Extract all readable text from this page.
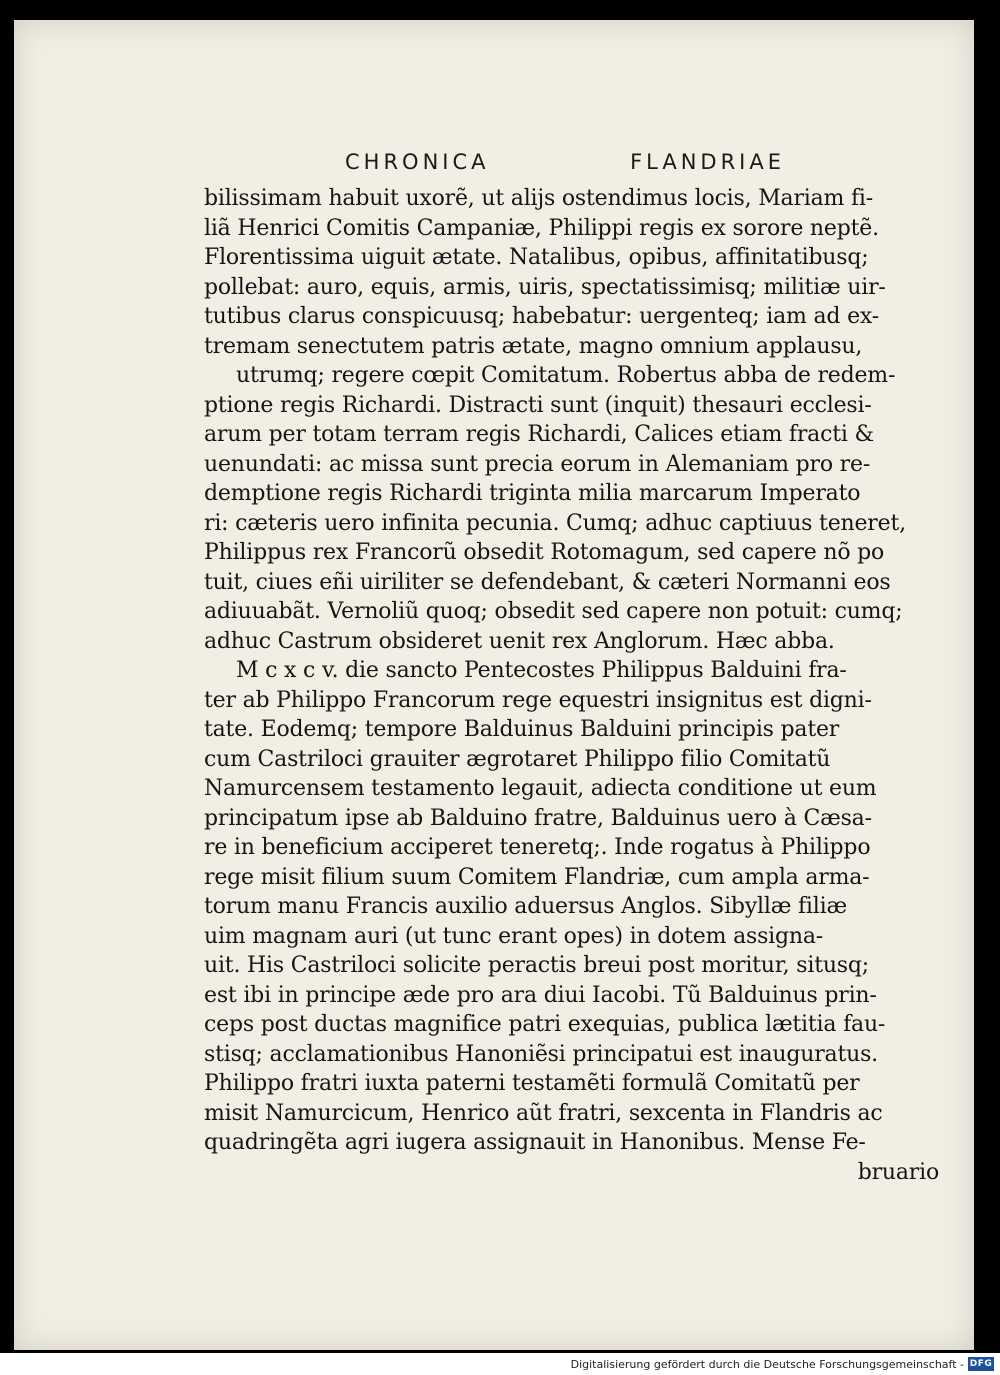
CHRONICA	FLANDRIAE
bilissimam habuit uxorẽ, ut alijs ostendimus locis, Mariam fi-
liã Henrici Comitis Campaniæ, Philippi regis ex sorore neptẽ.
Florentissima uiguit ætate. Natalibus, opibus, affinitatibusq;
pollebat: auro, equis, armis, uiris, spectatissimisq; militiæ uir-
tutibus clarus conspicuusq; habebatur: uergenteq; iam ad ex-
tremam senectutem patris ætate, magno omnium applausu,
utrumq; regere cœpit Comitatum. Robertus abba de redem-
ptione regis Richardi. Distracti sunt (inquit) thesauri ecclesi-
arum per totam terram regis Richardi, Calices etiam fracti &
uenundati: ac missa sunt precia eorum in Alemaniam pro re-
demptione regis Richardi triginta milia marcarum Imperato
ri: cæteris uero infinita pecunia. Cumq; adhuc captiuus teneret,
Philippus rex Francorũ obsedit Rotomagum, sed capere nõ po
tuit, ciues eñi uiriliter se defendebant, & cæteri Normanni eos
adiuuabãt. Vernoliũ quoq; obsedit sed capere non potuit: cumq;
adhuc Castrum obsideret uenit rex Anglorum. Hæc abba.
M c x c v. die sancto Pentecostes Philippus Balduini fra-
ter ab Philippo Francorum rege equestri insignitus est digni-
tate. Eodemq; tempore Balduinus Balduini principis pater
cum Castriloci grauiter ægrotaret Philippo filio Comitatũ
Namurcensem testamento legauit, adiecta conditione ut eum
principatum ipse ab Balduino fratre, Balduinus uero à Cæsa-
re in beneficium acciperet teneretq;. Inde rogatus à Philippo
rege misit filium suum Comitem Flandriæ, cum ampla arma-
torum manu Francis auxilio aduersus Anglos. Sibyllæ filiæ
uim magnam auri (ut tunc erant opes) in dotem assigna-
uit. His Castriloci solicite peractis breui post moritur, situsq;
est ibi in principe æde pro ara diui Iacobi. Tũ Balduinus prin-
ceps post ductas magnifice patri exequias, publica lætitia fau-
stisq; acclamationibus Hanoniẽsi principatui est inauguratus.
Philippo fratri iuxta paterni testamẽti formulã Comitatũ per
misit Namurcicum, Henrico aũt fratri, sexcenta in Flandris ac
quadringẽta agri iugera assignauit in Hanonibus. Mense Fe-
bruario
Digitalisierung gefördert durch die Deutsche Forschungsgemeinschaft - DFG
